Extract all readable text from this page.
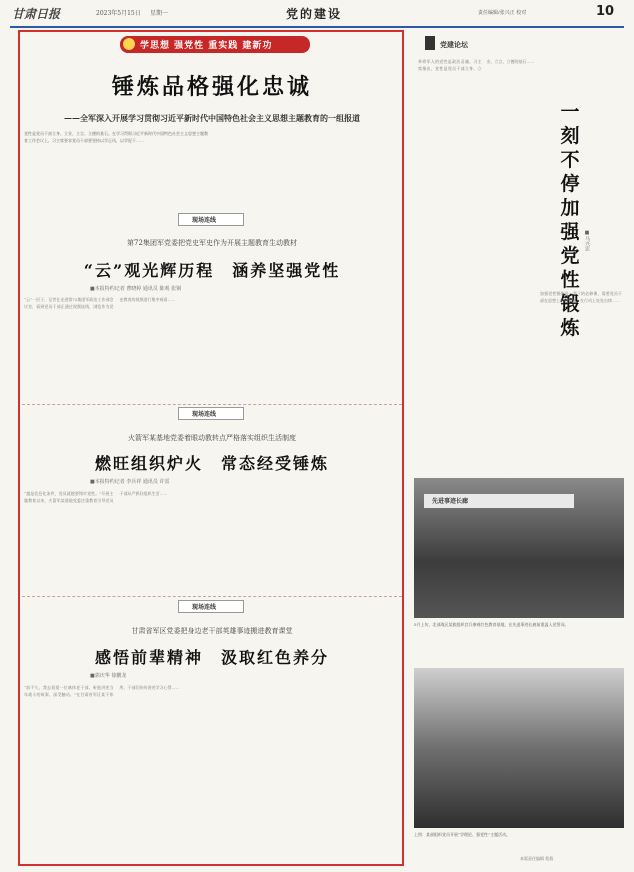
甘肃日报	2023年5月15日 星期一	党的建设	责任编辑/张兴正 校对	10
学思想 强党性 重实践 建新功
锤炼品格强化忠诚
——全军深入开展学习贯彻习近平新时代中国特色社会主义思想主题教育的一组报道
党性是党员干部立身、立业、立言、立德的基石。在学习贯彻习近平新时代中国特色社会主义思想主题教育工作会议上，习主席要求党员干部要坚持以学正风，以学促干……
现场连线
第72集团军党委把党史军史作为开展主题教育生动教材
“云”观光辉历程　涵养坚强党性
■本报特约记者 曹晓婷 通讯员 陈观 张钢
“云”一层子，记者在走进第72集团军政治工作部会议室，看到党员干部正通过视频连线，浏览作为党史教育的视频进行集中观看……
现场连线
火箭军某基地党委着眼动教转点严格落实组织生活制度
燃旺组织炉火　常态经受锤炼
■本报特约记者 李兵祥 通讯员 许雷
“越是信息化条件，党员就越要铸牢党性。”开展主题教育以来，火箭军某基地党委注重教育引导党员干部从严抓好组织生活……
现场连线
甘肃省军区党委把身边老干部英雄事迹搬进教育课堂
感悟前辈精神　汲取红色养分
■郭庆华 徐鹏龙
“前不久，我去看望一位离休老干部，听他讲述当年战斗的故事，深受触动。”在甘肃省军区某干休所，干部们纷纷讲述学习心得……
党建论坛
一刻不停加强党性锻炼
■马兴忠
革命军人的党性是政治灵魂。习主席指出，党性是党员干部立身、立业、立言、立德的基石……
加强党性锻炼是一辈子的必修课，需要党员干部在思想上时时警醒、在行动上处处自律……
先进事迹长廊
5月上旬，北部战区某旅组织官兵参观红色教育基地，在先进事迹长廊前重温入党誓词。
上图：某部组织党员开展“学理论、强党性”主题活动。
本版责任编辑 程燕
